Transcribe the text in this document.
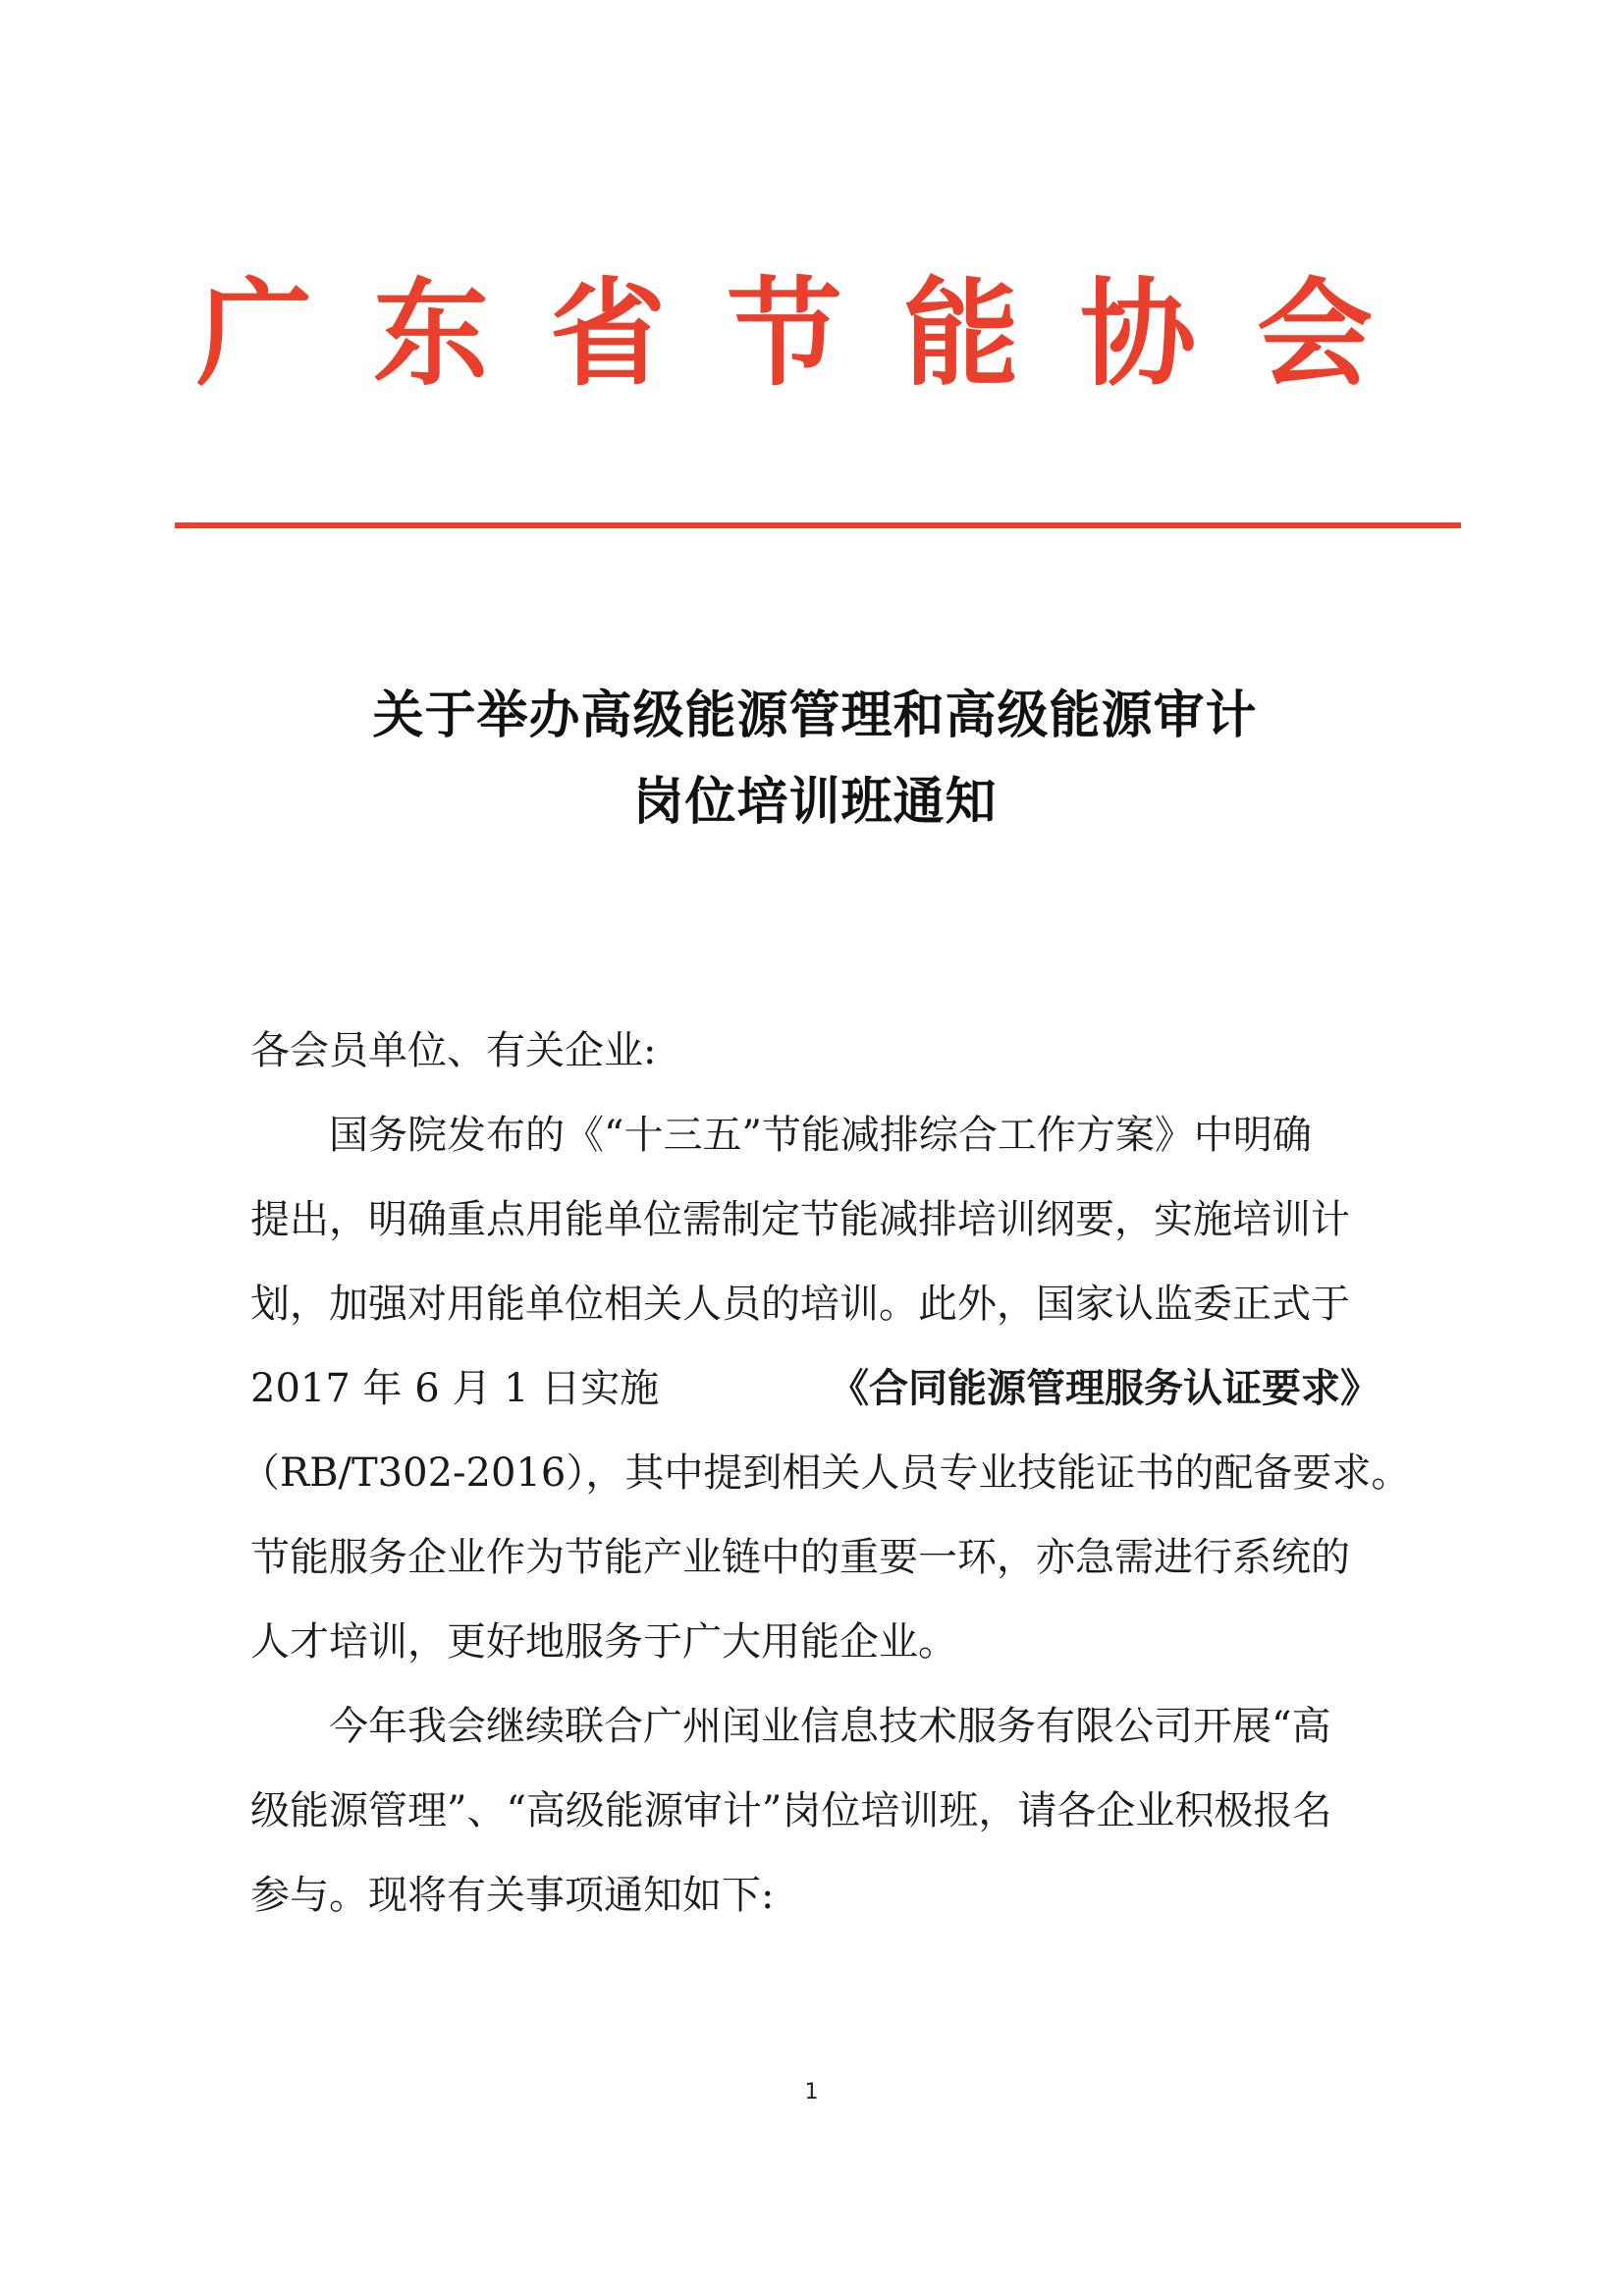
广东省节能协会
关于举办高级能源管理和高级能源审计
岗位培训班通知
各会员单位、有关企业:
国务院发布的《“十三五”节能减排综合工作方案》中明确
提出，明确重点用能单位需制定节能减排培训纲要，实施培训计
划，加强对用能单位相关人员的培训。此外，国家认监委正式于
2017 年 6 月 1 日实施	《合同能源管理服务认证要求》
（RB/T302-2016），其中提到相关人员专业技能证书的配备要求。
节能服务企业作为节能产业链中的重要一环，亦急需进行系统的
人才培训，更好地服务于广大用能企业。
今年我会继续联合广州闰业信息技术服务有限公司开展“高
级能源管理”、“高级能源审计”岗位培训班，请各企业积极报名
参与。现将有关事项通知如下:
1
